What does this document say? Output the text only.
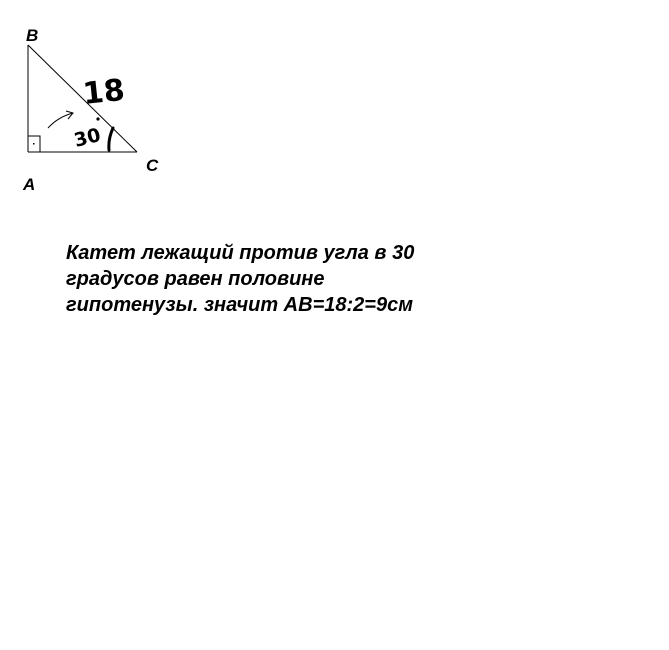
B
A
C
18
30

Катет лежащий против угла в 30
градусов равен половине
гипотенузы. значит AB=18:2=9см
